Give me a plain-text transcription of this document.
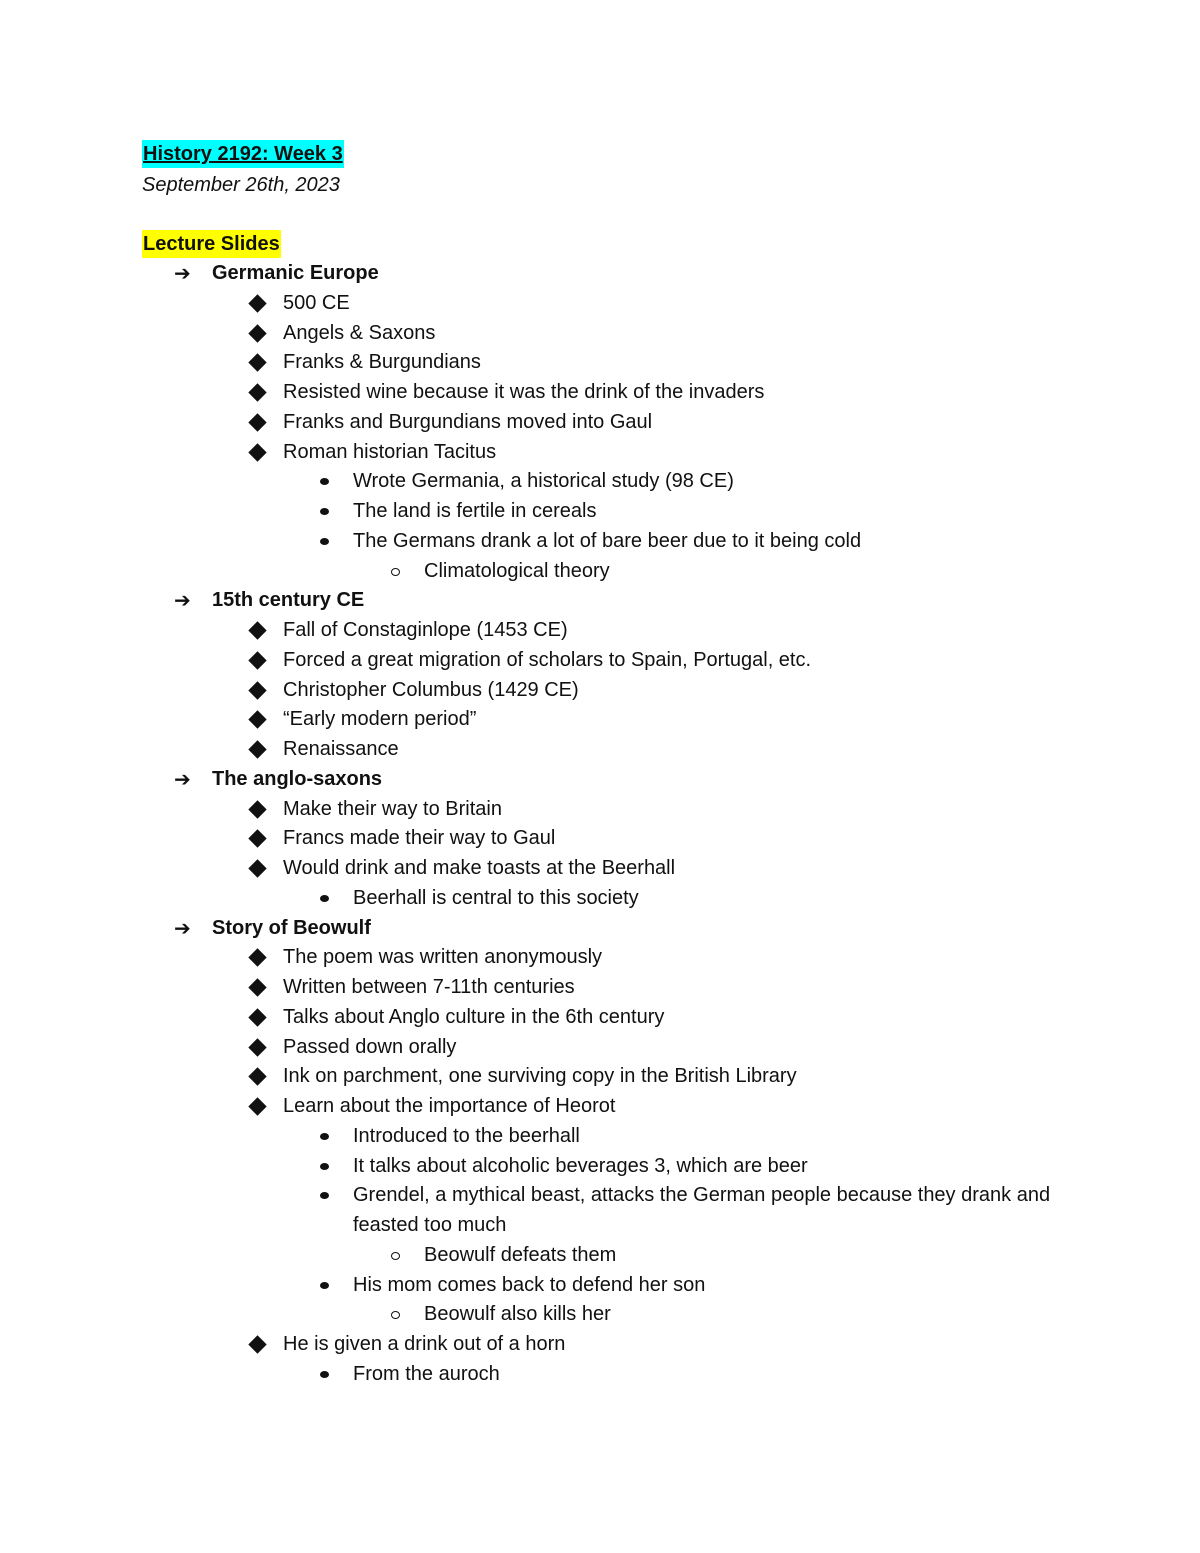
History 2192: Week 3
September 26th, 2023
Lecture Slides
➔ Germanic Europe
500 CE
Angels & Saxons
Franks & Burgundians
Resisted wine because it was the drink of the invaders
Franks and Burgundians moved into Gaul
Roman historian Tacitus
Wrote Germania, a historical study (98 CE)
The land is fertile in cereals
The Germans drank a lot of bare beer due to it being cold
Climatological theory
➔ 15th century CE
Fall of Constaginlope (1453 CE)
Forced a great migration of scholars to Spain, Portugal, etc.
Christopher Columbus (1429 CE)
“Early modern period”
Renaissance
➔ The anglo-saxons
Make their way to Britain
Francs made their way to Gaul
Would drink and make toasts at the Beerhall
Beerhall is central to this society
➔ Story of Beowulf
The poem was written anonymously
Written between 7-11th centuries
Talks about Anglo culture in the 6th century
Passed down orally
Ink on parchment, one surviving copy in the British Library
Learn about the importance of Heorot
Introduced to the beerhall
It talks about alcoholic beverages 3, which are beer
Grendel, a mythical beast, attacks the German people because they drank and feasted too much
Beowulf defeats them
His mom comes back to defend her son
Beowulf also kills her
He is given a drink out of a horn
From the auroch
